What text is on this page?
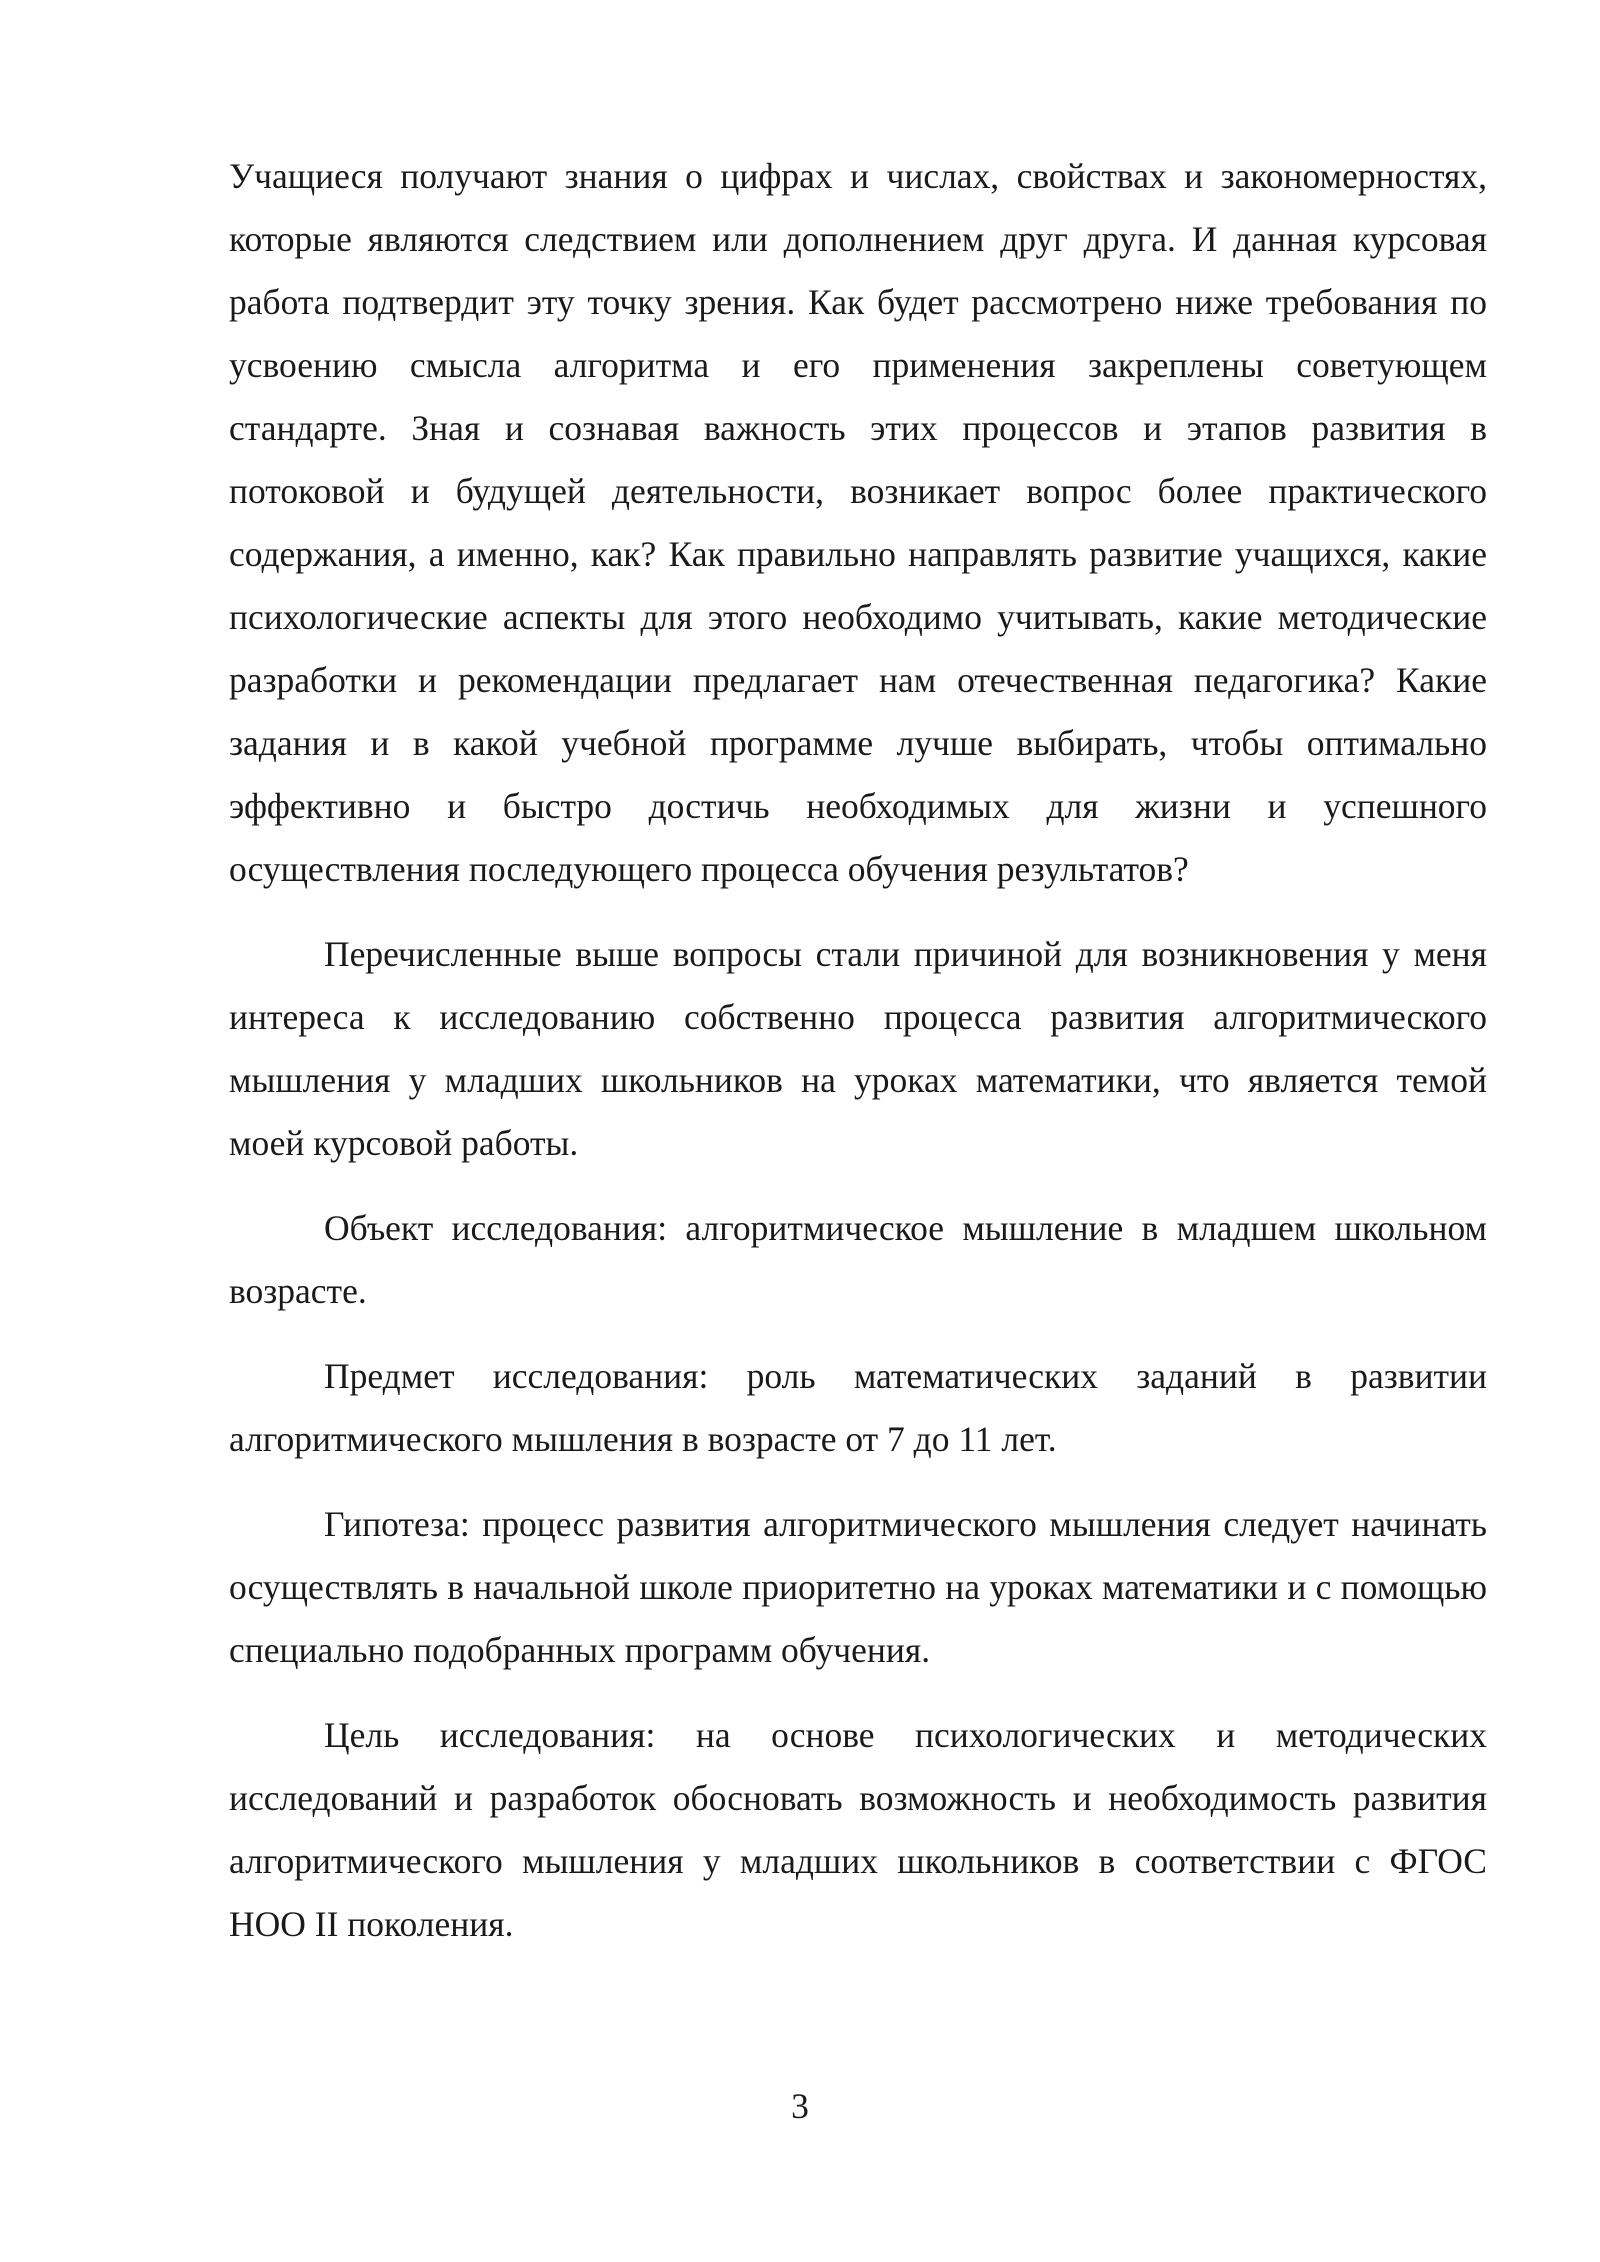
Учащиеся получают знания о цифрах и числах, свойствах и закономерностях, которые являются следствием или дополнением друг друга. И данная курсовая работа подтвердит эту точку зрения. Как будет рассмотрено ниже требования по усвоению смысла алгоритма и его применения закреплены советующем стандарте. Зная и сознавая важность этих процессов и этапов развития в потоковой и будущей деятельности, возникает вопрос более практического содержания, а именно, как? Как правильно направлять развитие учащихся, какие психологические аспекты для этого необходимо учитывать, какие методические разработки и рекомендации предлагает нам отечественная педагогика? Какие задания и в какой учебной программе лучше выбирать, чтобы оптимально эффективно и быстро достичь необходимых для жизни и успешного осуществления последующего процесса обучения результатов?

Перечисленные выше вопросы стали причиной для возникновения у меня интереса к исследованию собственно процесса развития алгоритмического мышления у младших школьников на уроках математики, что является темой моей курсовой работы.

Объект исследования: алгоритмическое мышление в младшем школьном возрасте.

Предмет исследования: роль математических заданий в развитии алгоритмического мышления в возрасте от 7 до 11 лет.

Гипотеза: процесс развития алгоритмического мышления следует начинать осуществлять в начальной школе приоритетно на уроках математики и с помощью специально подобранных программ обучения.

Цель исследования: на основе психологических и методических исследований и разработок обосновать возможность и необходимость развития алгоритмического мышления у младших школьников в соответствии с ФГОС НОО II поколения.

3
